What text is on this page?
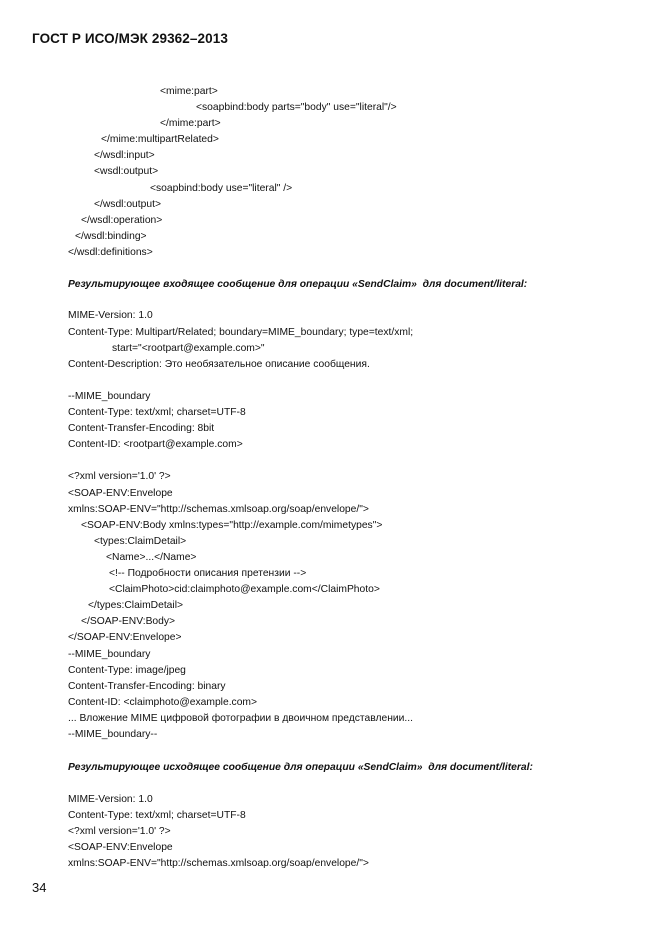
ГОСТ Р ИСО/МЭК 29362–2013
<mime:part>
<soapbind:body parts="body" use="literal"/>
</mime:part>
</mime:multipartRelated>
</wsdl:input>
<wsdl:output>
<soapbind:body use="literal" />
</wsdl:output>
</wsdl:operation>
</wsdl:binding>
</wsdl:definitions>
Результирующее входящее сообщение для операции «SendClaim»  для document/literal:
MIME-Version: 1.0
Content-Type: Multipart/Related; boundary=MIME_boundary; type=text/xml;
start="<rootpart@example.com>"
Content-Description: Это необязательное описание сообщения.
--MIME_boundary
Content-Type: text/xml; charset=UTF-8
Content-Transfer-Encoding: 8bit
Content-ID: <rootpart@example.com>
<?xml version='1.0' ?>
<SOAP-ENV:Envelope
xmlns:SOAP-ENV="http://schemas.xmlsoap.org/soap/envelope/">
<SOAP-ENV:Body xmlns:types="http://example.com/mimetypes">
<types:ClaimDetail>
<Name>...</Name>
<!-- Подробности описания претензии -->
<ClaimPhoto>cid:claimphoto@example.com</ClaimPhoto>
</types:ClaimDetail>
</SOAP-ENV:Body>
</SOAP-ENV:Envelope>
--MIME_boundary
Content-Type: image/jpeg
Content-Transfer-Encoding: binary
Content-ID: <claimphoto@example.com>
... Вложение MIME цифровой фотографии в двоичном представлении...
--MIME_boundary--
Результирующее исходящее сообщение для операции «SendClaim»  для document/literal:
MIME-Version: 1.0
Content-Type: text/xml; charset=UTF-8
<?xml version='1.0' ?>
<SOAP-ENV:Envelope
xmlns:SOAP-ENV="http://schemas.xmlsoap.org/soap/envelope/">
34
